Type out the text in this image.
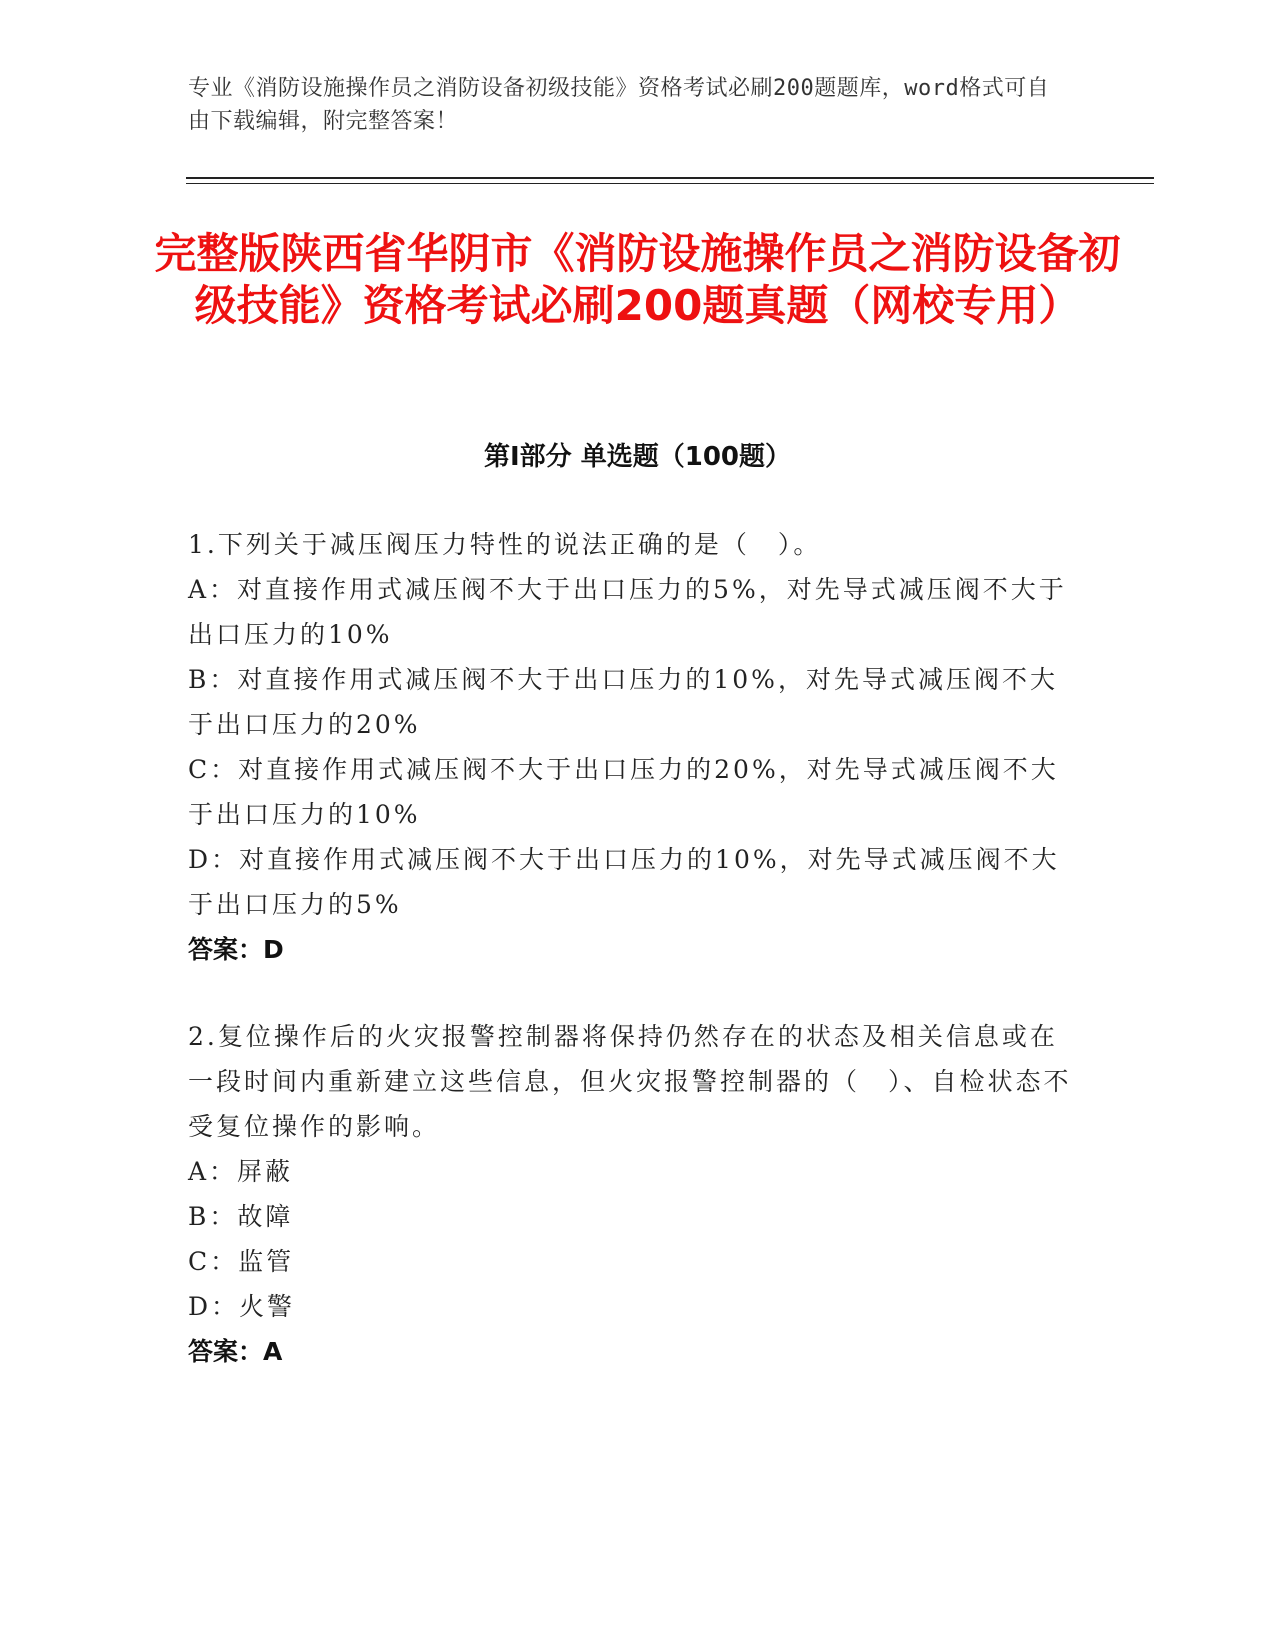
专业《消防设施操作员之消防设备初级技能》资格考试必刷200题题库，word格式可自由下载编辑，附完整答案！
完整版陕西省华阴市《消防设施操作员之消防设备初级技能》资格考试必刷200题真题（网校专用）
第I部分 单选题（100题）

1.下列关于减压阀压力特性的说法正确的是（　）。

A：对直接作用式减压阀不大于出口压力的5%，对先导式减压阀不大于出口压力的10%

B：对直接作用式减压阀不大于出口压力的10%，对先导式减压阀不大于出口压力的20%

C：对直接作用式减压阀不大于出口压力的20%，对先导式减压阀不大于出口压力的10%

D：对直接作用式减压阀不大于出口压力的10%，对先导式减压阀不大于出口压力的5%

答案：D

2.复位操作后的火灾报警控制器将保持仍然存在的状态及相关信息或在一段时间内重新建立这些信息，但火灾报警控制器的（　）、自检状态不受复位操作的影响。

A：屏蔽

B：故障

C：监管

D：火警

答案：A
